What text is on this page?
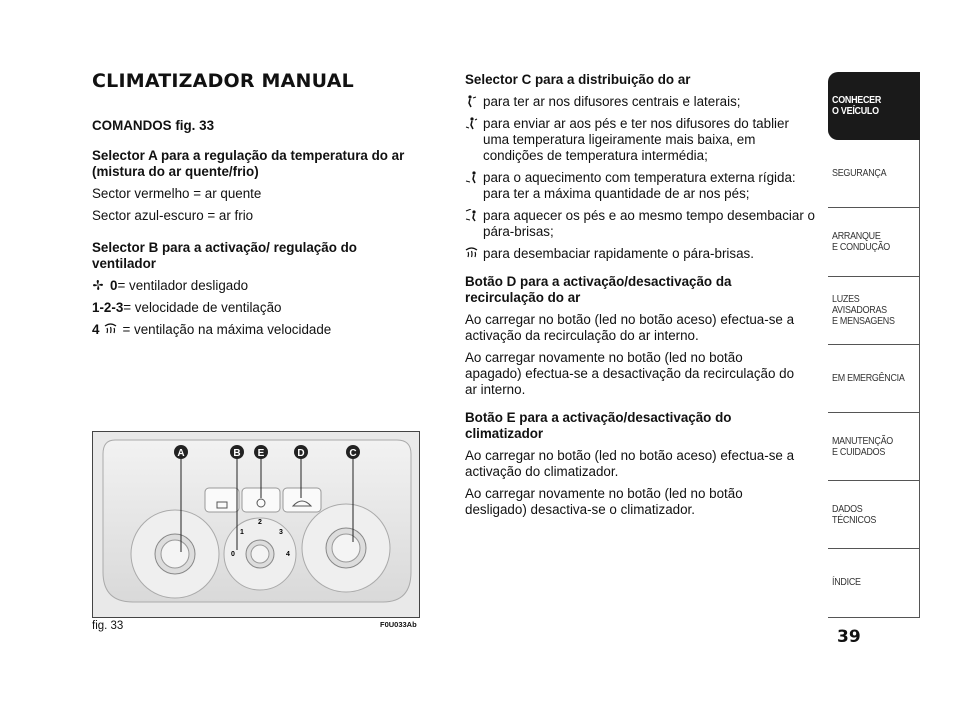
CLIMATIZADOR MANUAL
COMANDOS fig. 33
Selector A para a regulação da temperatura do ar (mistura do ar quente/frio)
Sector vermelho = ar quente
Sector azul-escuro = ar frio
Selector B para a activação/ regulação do ventilador
0 = ventilador desligado
1-2-3 = velocidade de ventilação
4 = ventilação na máxima velocidade
0
1
2
3
4
A	B E	D	C
fig. 33	F0U033Ab
Selector C para a distribuição do ar
para ter ar nos difusores centrais e laterais;
para enviar ar aos pés e ter nos difusores do tablier uma temperatura ligeiramente mais baixa, em condições de temperatura intermédia;
para o aquecimento com temperatura externa rígida: para ter a máxima quantidade de ar nos pés;
para aquecer os pés e ao mesmo tempo desembaciar o pára-brisas;
para desembaciar rapidamente o pára-brisas.
Botão D para a activação/desactivação da recirculação do ar
Ao carregar no botão (led no botão aceso) efectua-se a activação da recirculação do ar interno.
Ao carregar novamente no botão (led no botão apagado) efectua-se a desactivação da recirculação do ar interno.
Botão E para a activação/desactivação do climatizador
Ao carregar no botão (led no botão aceso) efectua-se a activação do climatizador.
Ao carregar novamente no botão (led no botão desligado) desactiva-se o climatizador.
CONHECER
O VEÍCULO
SEGURANÇA
ARRANQUE
E CONDUÇÃO
LUZES
AVISADORAS
E MENSAGENS
EM EMERGÊNCIA
MANUTENÇÃO
E CUIDADOS
DADOS
TÉCNICOS
ÍNDICE
39
